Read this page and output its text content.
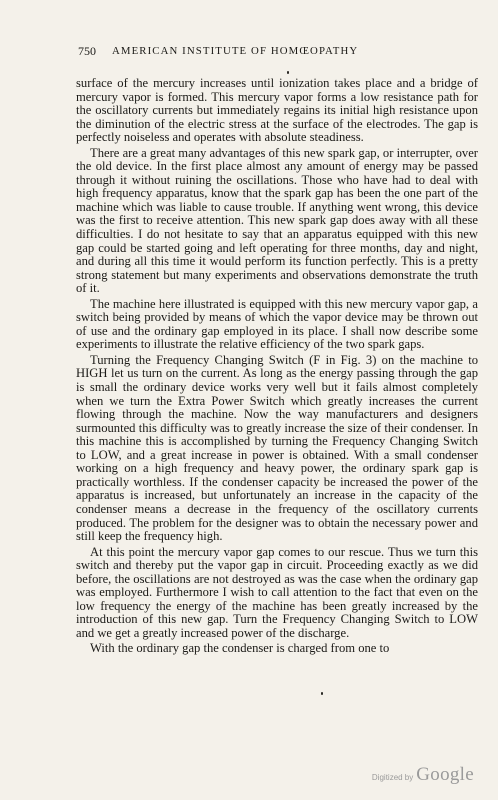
750 AMERICAN INSTITUTE OF HOMŒOPATHY

surface of the mercury increases until ionization takes place and a bridge of mercury vapor is formed. This mercury vapor forms a low resistance path for the oscillatory currents but immediately regains its initial high resistance upon the diminution of the electric stress at the surface of the electrodes. The gap is perfectly noiseless and operates with absolute steadiness.

There are a great many advantages of this new spark gap, or interrupter, over the old device. In the first place almost any amount of energy may be passed through it without ruining the oscillations. Those who have had to deal with high frequency apparatus, know that the spark gap has been the one part of the machine which was liable to cause trouble. If anything went wrong, this device was the first to receive attention. This new spark gap does away with all these difficulties. I do not hesitate to say that an apparatus equipped with this new gap could be started going and left operating for three months, day and night, and during all this time it would perform its function perfectly. This is a pretty strong statement but many experiments and observations demonstrate the truth of it.

The machine here illustrated is equipped with this new mercury vapor gap, a switch being provided by means of which the vapor device may be thrown out of use and the ordinary gap employed in its place. I shall now describe some experiments to illustrate the relative efficiency of the two spark gaps.

Turning the Frequency Changing Switch (F in Fig. 3) on the machine to HIGH let us turn on the current. As long as the energy passing through the gap is small the ordinary device works very well but it fails almost completely when we turn the Extra Power Switch which greatly increases the current flowing through the machine. Now the way manufacturers and designers surmounted this difficulty was to greatly increase the size of their condenser. In this machine this is accomplished by turning the Frequency Changing Switch to LOW, and a great increase in power is obtained. With a small condenser working on a high frequency and heavy power, the ordinary spark gap is practically worthless. If the condenser capacity be increased the power of the apparatus is increased, but unfortunately an increase in the capacity of the condenser means a decrease in the frequency of the oscillatory currents produced. The problem for the designer was to obtain the necessary power and still keep the frequency high.

At this point the mercury vapor gap comes to our rescue. Thus we turn this switch and thereby put the vapor gap in circuit. Proceeding exactly as we did before, the oscillations are not destroyed as was the case when the ordinary gap was employed. Furthermore I wish to call attention to the fact that even on the low frequency the energy of the machine has been greatly increased by the introduction of this new gap. Turn the Frequency Changing Switch to LOW and we get a greatly increased power of the discharge.

With the ordinary gap the condenser is charged from one to

Digitized by Google
